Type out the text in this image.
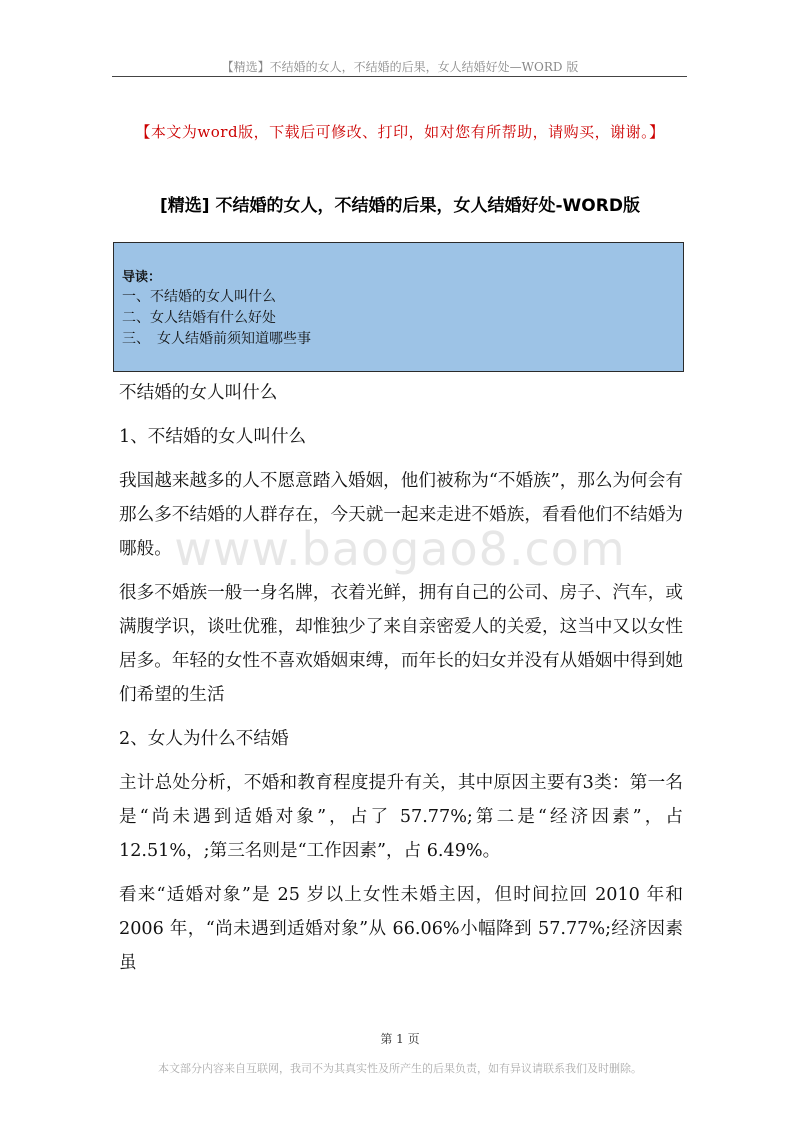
【精选】不结婚的女人，不结婚的后果，女人结婚好处—WORD 版
【本文为word版，下载后可修改、打印，如对您有所帮助，请购买，谢谢。】
[精选] 不结婚的女人，不结婚的后果，女人结婚好处-WORD版
导读：
一、不结婚的女人叫什么
二、女人结婚有什么好处
三、　女人结婚前须知道哪些事
www.baogao8.com

不结婚的女人叫什么

1、不结婚的女人叫什么

我国越来越多的人不愿意踏入婚姻，他们被称为“不婚族”，那么为何会有那么多不结婚的人群存在，今天就一起来走进不婚族，看看他们不结婚为哪般。

很多不婚族一般一身名牌，衣着光鲜，拥有自己的公司、房子、汽车，或满腹学识，谈吐优雅，却惟独少了来自亲密爱人的关爱，这当中又以女性居多。年轻的女性不喜欢婚姻束缚，而年长的妇女并没有从婚姻中得到她们希望的生活

2、女人为什么不结婚

主计总处分析，不婚和教育程度提升有关，其中原因主要有3类：第一名是“尚未遇到适婚对象”，占了 57.77%;第二是“经济因素”，占12.51%，;第三名则是“工作因素”，占 6.49%。

看来“适婚对象”是 25 岁以上女性未婚主因，但时间拉回 2010 年和 2006 年，“尚未遇到适婚对象”从 66.06%小幅降到 57.77%;经济因素虽

第 1 页
本文部分内容来自互联网，我司不为其真实性及所产生的后果负责，如有异议请联系我们及时删除。
